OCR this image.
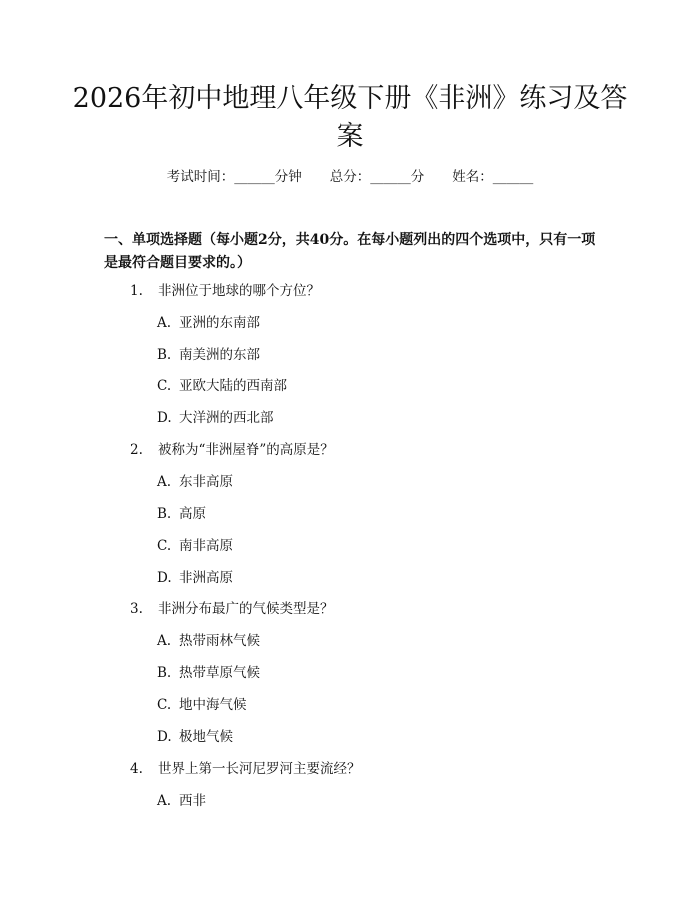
2026年初中地理八年级下册《非洲》练习及答案
考试时间：______分钟 总分：______分 姓名：______

一、单项选择题（每小题2分，共40分。在每小题列出的四个选项中，只有一项是最符合题目要求的。）

1. 非洲位于地球的哪个方位？
A. 亚洲的东南部
B. 南美洲的东部
C. 亚欧大陆的西南部
D. 大洋洲的西北部
2. 被称为“非洲屋脊”的高原是？
A. 东非高原
B. 高原
C. 南非高原
D. 非洲高原
3. 非洲分布最广的气候类型是？
A. 热带雨林气候
B. 热带草原气候
C. 地中海气候
D. 极地气候
4. 世界上第一长河尼罗河主要流经？
A. 西非
